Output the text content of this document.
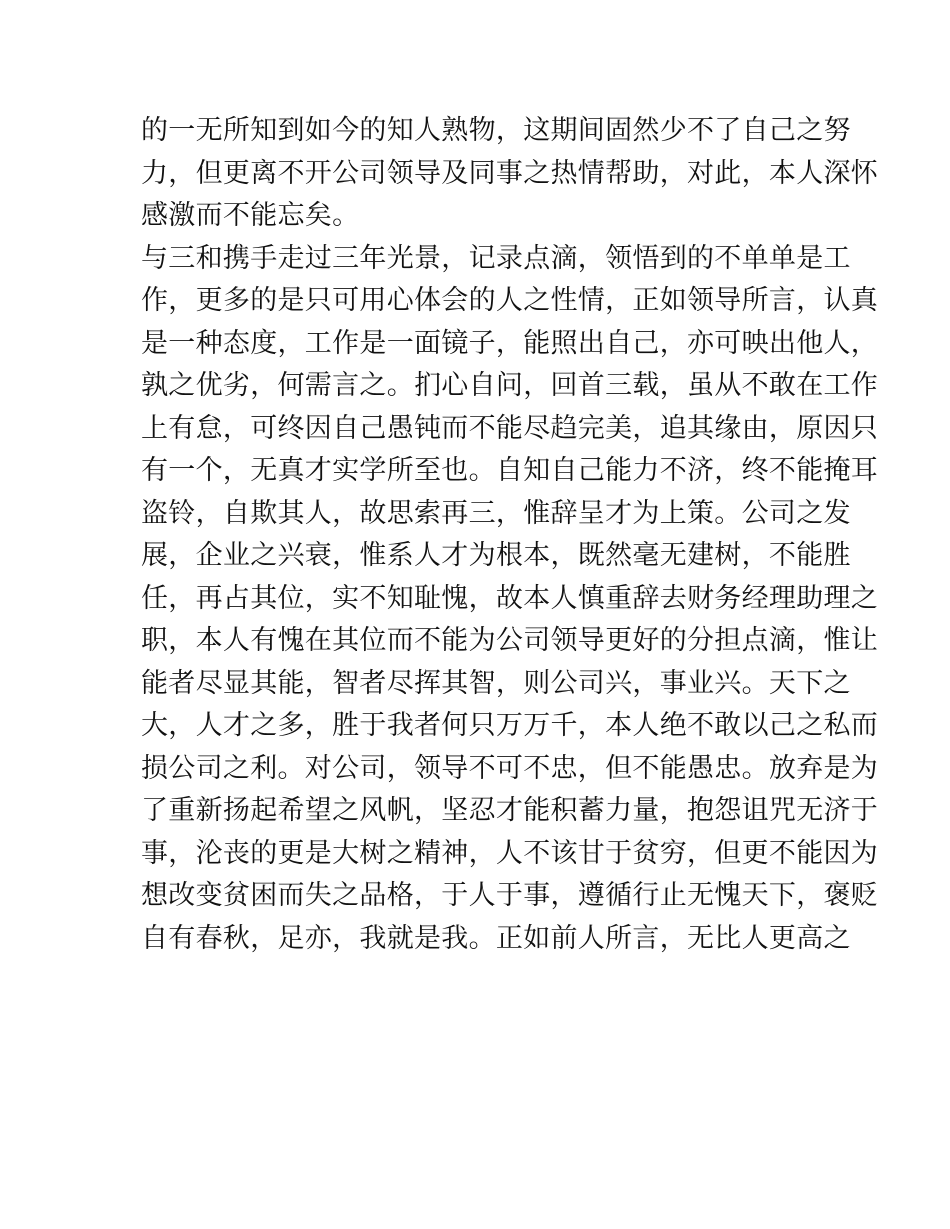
的一无所知到如今的知人熟物，这期间固然少不了自己之努
力，但更离不开公司领导及同事之热情帮助，对此，本人深怀
感激而不能忘矣。
与三和携手走过三年光景，记录点滴，领悟到的不单单是工
作，更多的是只可用心体会的人之性情，正如领导所言，认真
是一种态度，工作是一面镜子，能照出自己，亦可映出他人，
孰之优劣，何需言之。扪心自问，回首三载，虽从不敢在工作
上有怠，可终因自己愚钝而不能尽趋完美，追其缘由，原因只
有一个，无真才实学所至也。自知自己能力不济，终不能掩耳
盗铃，自欺其人，故思索再三，惟辞呈才为上策。公司之发
展，企业之兴衰，惟系人才为根本，既然毫无建树，不能胜
任，再占其位，实不知耻愧，故本人慎重辞去财务经理助理之
职，本人有愧在其位而不能为公司领导更好的分担点滴，惟让
能者尽显其能，智者尽挥其智，则公司兴，事业兴。天下之
大，人才之多，胜于我者何只万万千，本人绝不敢以己之私而
损公司之利。对公司，领导不可不忠，但不能愚忠。放弃是为
了重新扬起希望之风帆，坚忍才能积蓄力量，抱怨诅咒无济于
事，沦丧的更是大树之精神，人不该甘于贫穷，但更不能因为
想改变贫困而失之品格，于人于事，遵循行止无愧天下，褒贬
自有春秋，足亦，我就是我。正如前人所言，无比人更高之
